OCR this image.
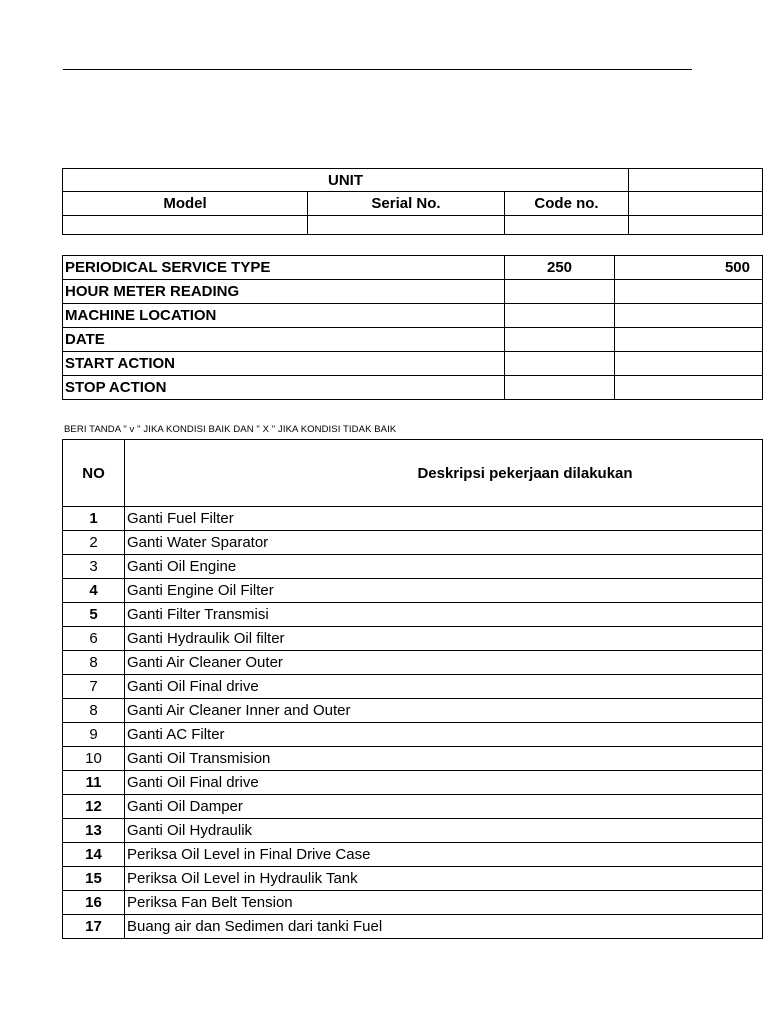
UNIT			
Model	Serial No.	Code no.	

PERIODICAL SERVICE TYPE	250	500
HOUR METER READING		
MACHINE LOCATION		
DATE		
START ACTION		
STOP ACTION		
BERI TANDA " v " JIKA KONDISI BAIK DAN " X " JIKA KONDISI TIDAK BAIK
NO	Deskripsi pekerjaan dilakukan
1	Ganti Fuel Filter
2	Ganti Water Sparator
3	Ganti Oil Engine
4	Ganti Engine Oil Filter
5	Ganti Filter Transmisi
6	Ganti Hydraulik Oil filter
8	Ganti Air Cleaner Outer
7	Ganti Oil Final drive
8	Ganti Air Cleaner Inner and Outer
9	Ganti AC Filter
10	Ganti Oil Transmision
11	Ganti Oil Final drive
12	Ganti Oil Damper
13	Ganti Oil Hydraulik
14	Periksa Oil Level in Final Drive Case
15	Periksa Oil Level in Hydraulik Tank
16	Periksa Fan Belt Tension
17	Buang air dan Sedimen dari tanki Fuel
